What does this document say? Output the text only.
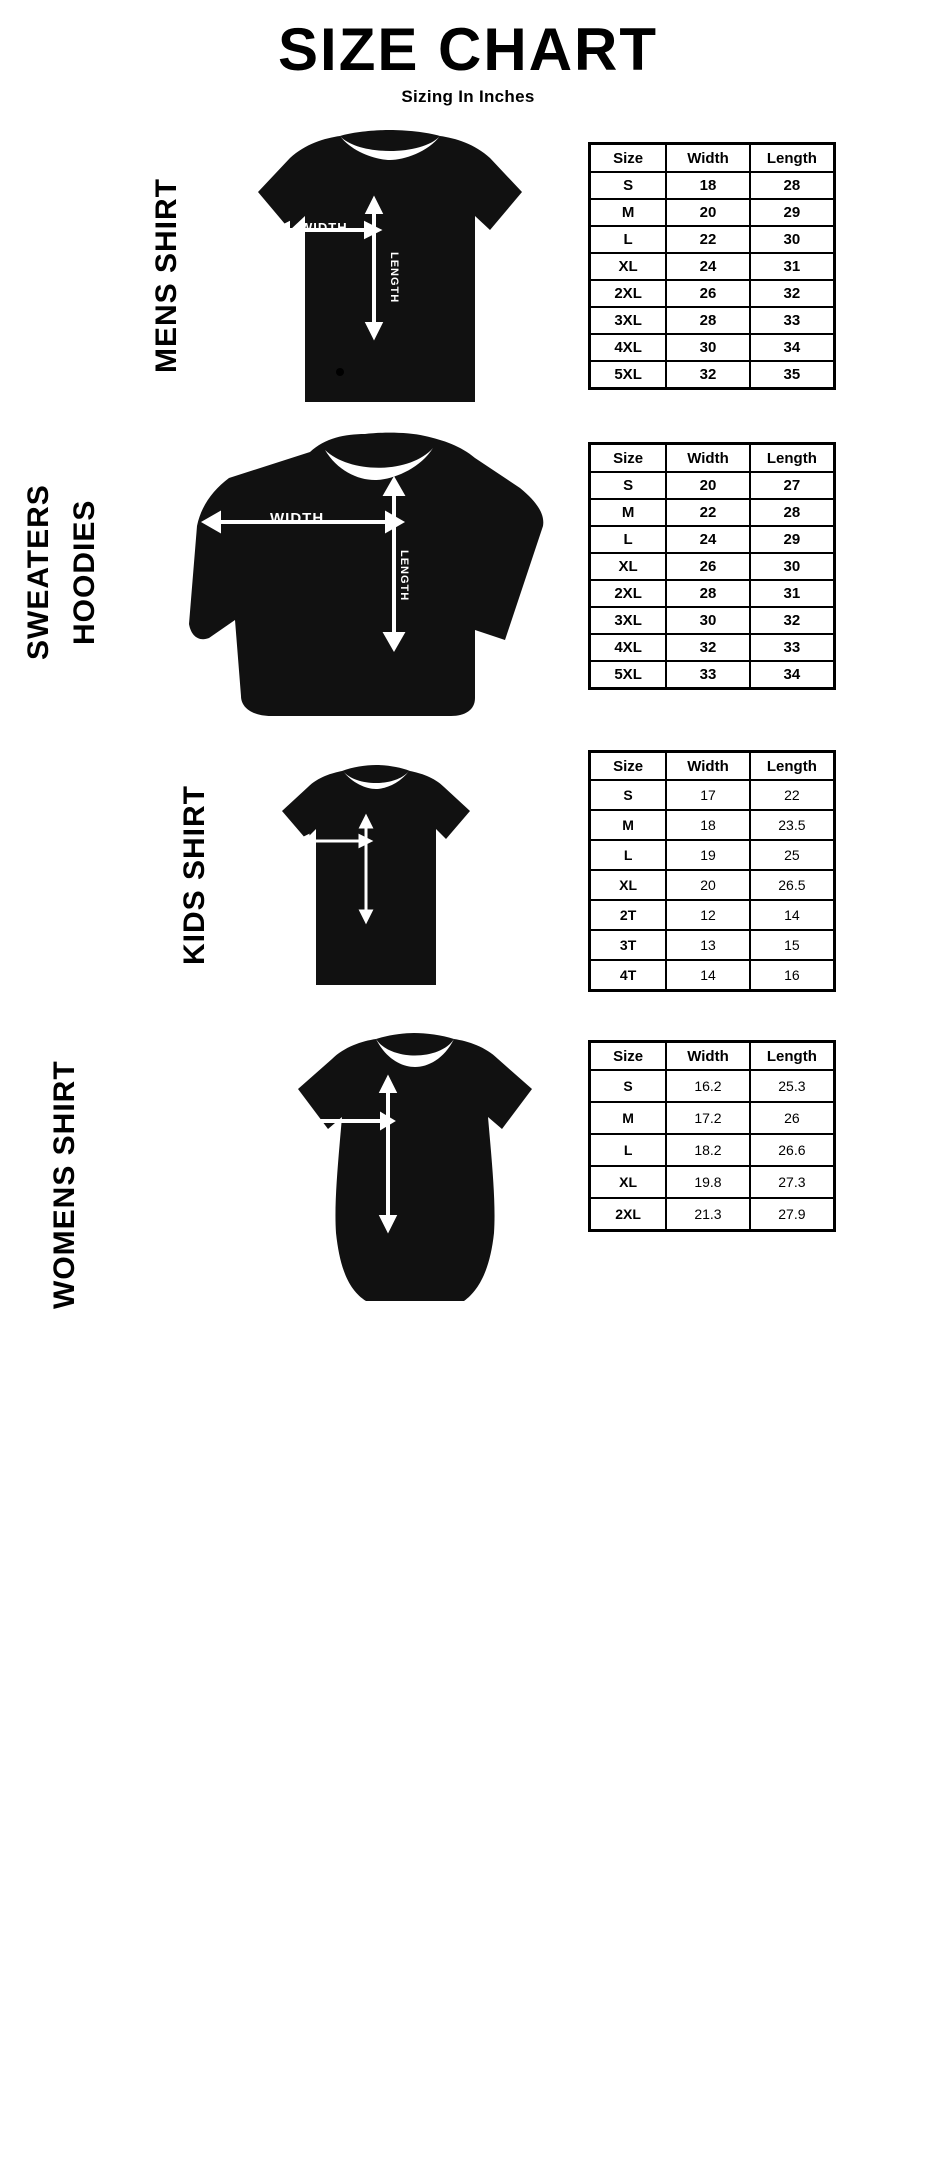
SIZE CHART
Sizing In Inches
MENS SHIRT	WIDTH
LENGTH
Size	Width	Length
S	18	28
M	20	29
L	22	30
XL	24	31
2XL	26	32
3XL	28	33
4XL	30	34
5XL	32	35
SWEATERS HOODIES	WIDTH
LENGTH
Size	Width	Length
S	20	27
M	22	28
L	24	29
XL	26	30
2XL	28	31
3XL	30	32
4XL	32	33
5XL	33	34
KIDS SHIRT
WIDTH
LENGTH
Size	Width	Length
S	17	22
M	18	23.5
L	19	25
XL	20	26.5
2T	12	14
3T	13	15
4T	14	16
WOMENS SHIRT
WIDTH
LENGTH
Size	Width	Length
S	16.2	25.3
M	17.2	26
L	18.2	26.6
XL	19.8	27.3
2XL	21.3	27.9
